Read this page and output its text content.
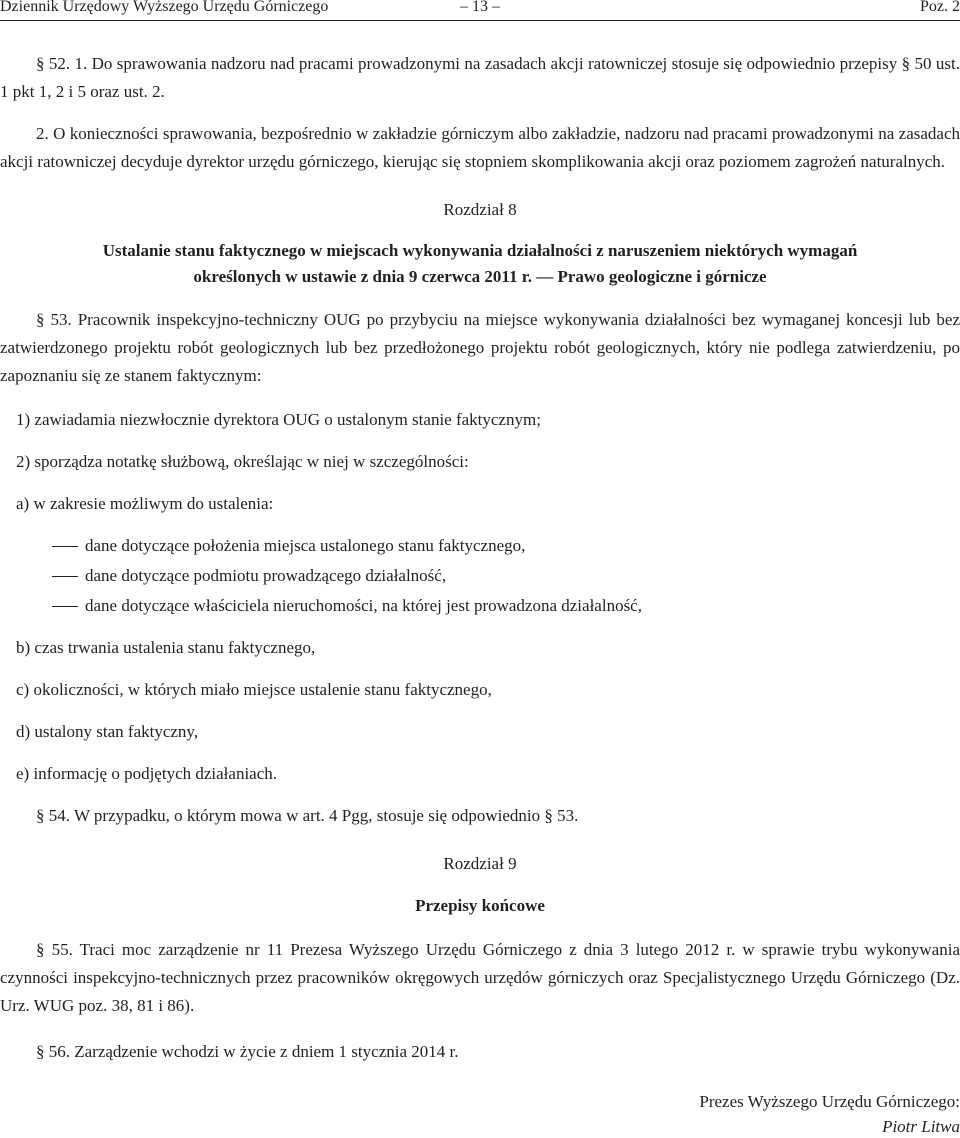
Dziennik Urzędowy Wyższego Urzędu Górniczego	– 13 –	Poz. 2

§ 52. 1. Do sprawowania nadzoru nad pracami prowadzonymi na zasadach akcji ratowniczej stosuje się odpowiednio przepisy § 50 ust. 1 pkt 1, 2 i 5 oraz ust. 2.

2. O konieczności sprawowania, bezpośrednio w zakładzie górniczym albo zakładzie, nadzoru nad pracami prowadzonymi na zasadach akcji ratowniczej decyduje dyrektor urzędu górniczego, kierując się stopniem skomplikowania akcji oraz poziomem zagrożeń naturalnych.

Rozdział 8

Ustalanie stanu faktycznego w miejscach wykonywania działalności z naruszeniem niektórych wymagań

określonych w ustawie z dnia 9 czerwca 2011 r. — Prawo geologiczne i górnicze

§ 53. Pracownik inspekcyjno-techniczny OUG po przybyciu na miejsce wykonywania działalności bez wymaganej koncesji lub bez zatwierdzonego projektu robót geologicznych lub bez przedłożonego projektu robót geologicznych, który nie podlega zatwierdzeniu, po zapoznaniu się ze stanem faktycznym:

1) zawiadamia niezwłocznie dyrektora OUG o ustalonym stanie faktycznym;

2) sporządza notatkę służbową, określając w niej w szczególności:

a) w zakresie możliwym do ustalenia:

dane dotyczące położenia miejsca ustalonego stanu faktycznego,
dane dotyczące podmiotu prowadzącego działalność,
dane dotyczące właściciela nieruchomości, na której jest prowadzona działalność,

b) czas trwania ustalenia stanu faktycznego,

c) okoliczności, w których miało miejsce ustalenie stanu faktycznego,

d) ustalony stan faktyczny,

e) informację o podjętych działaniach.

§ 54. W przypadku, o którym mowa w art. 4 Pgg, stosuje się odpowiednio § 53.

Rozdział 9

Przepisy końcowe

§ 55. Traci moc zarządzenie nr 11 Prezesa Wyższego Urzędu Górniczego z dnia 3 lutego 2012 r. w sprawie trybu wykonywania czynności inspekcyjno-technicznych przez pracowników okręgowych urzędów górniczych oraz Specjalistycznego Urzędu Górniczego (Dz. Urz. WUG poz. 38, 81 i 86).

§ 56. Zarządzenie wchodzi w życie z dniem 1 stycznia 2014 r.

Prezes Wyższego Urzędu Górniczego:

Piotr Litwa
